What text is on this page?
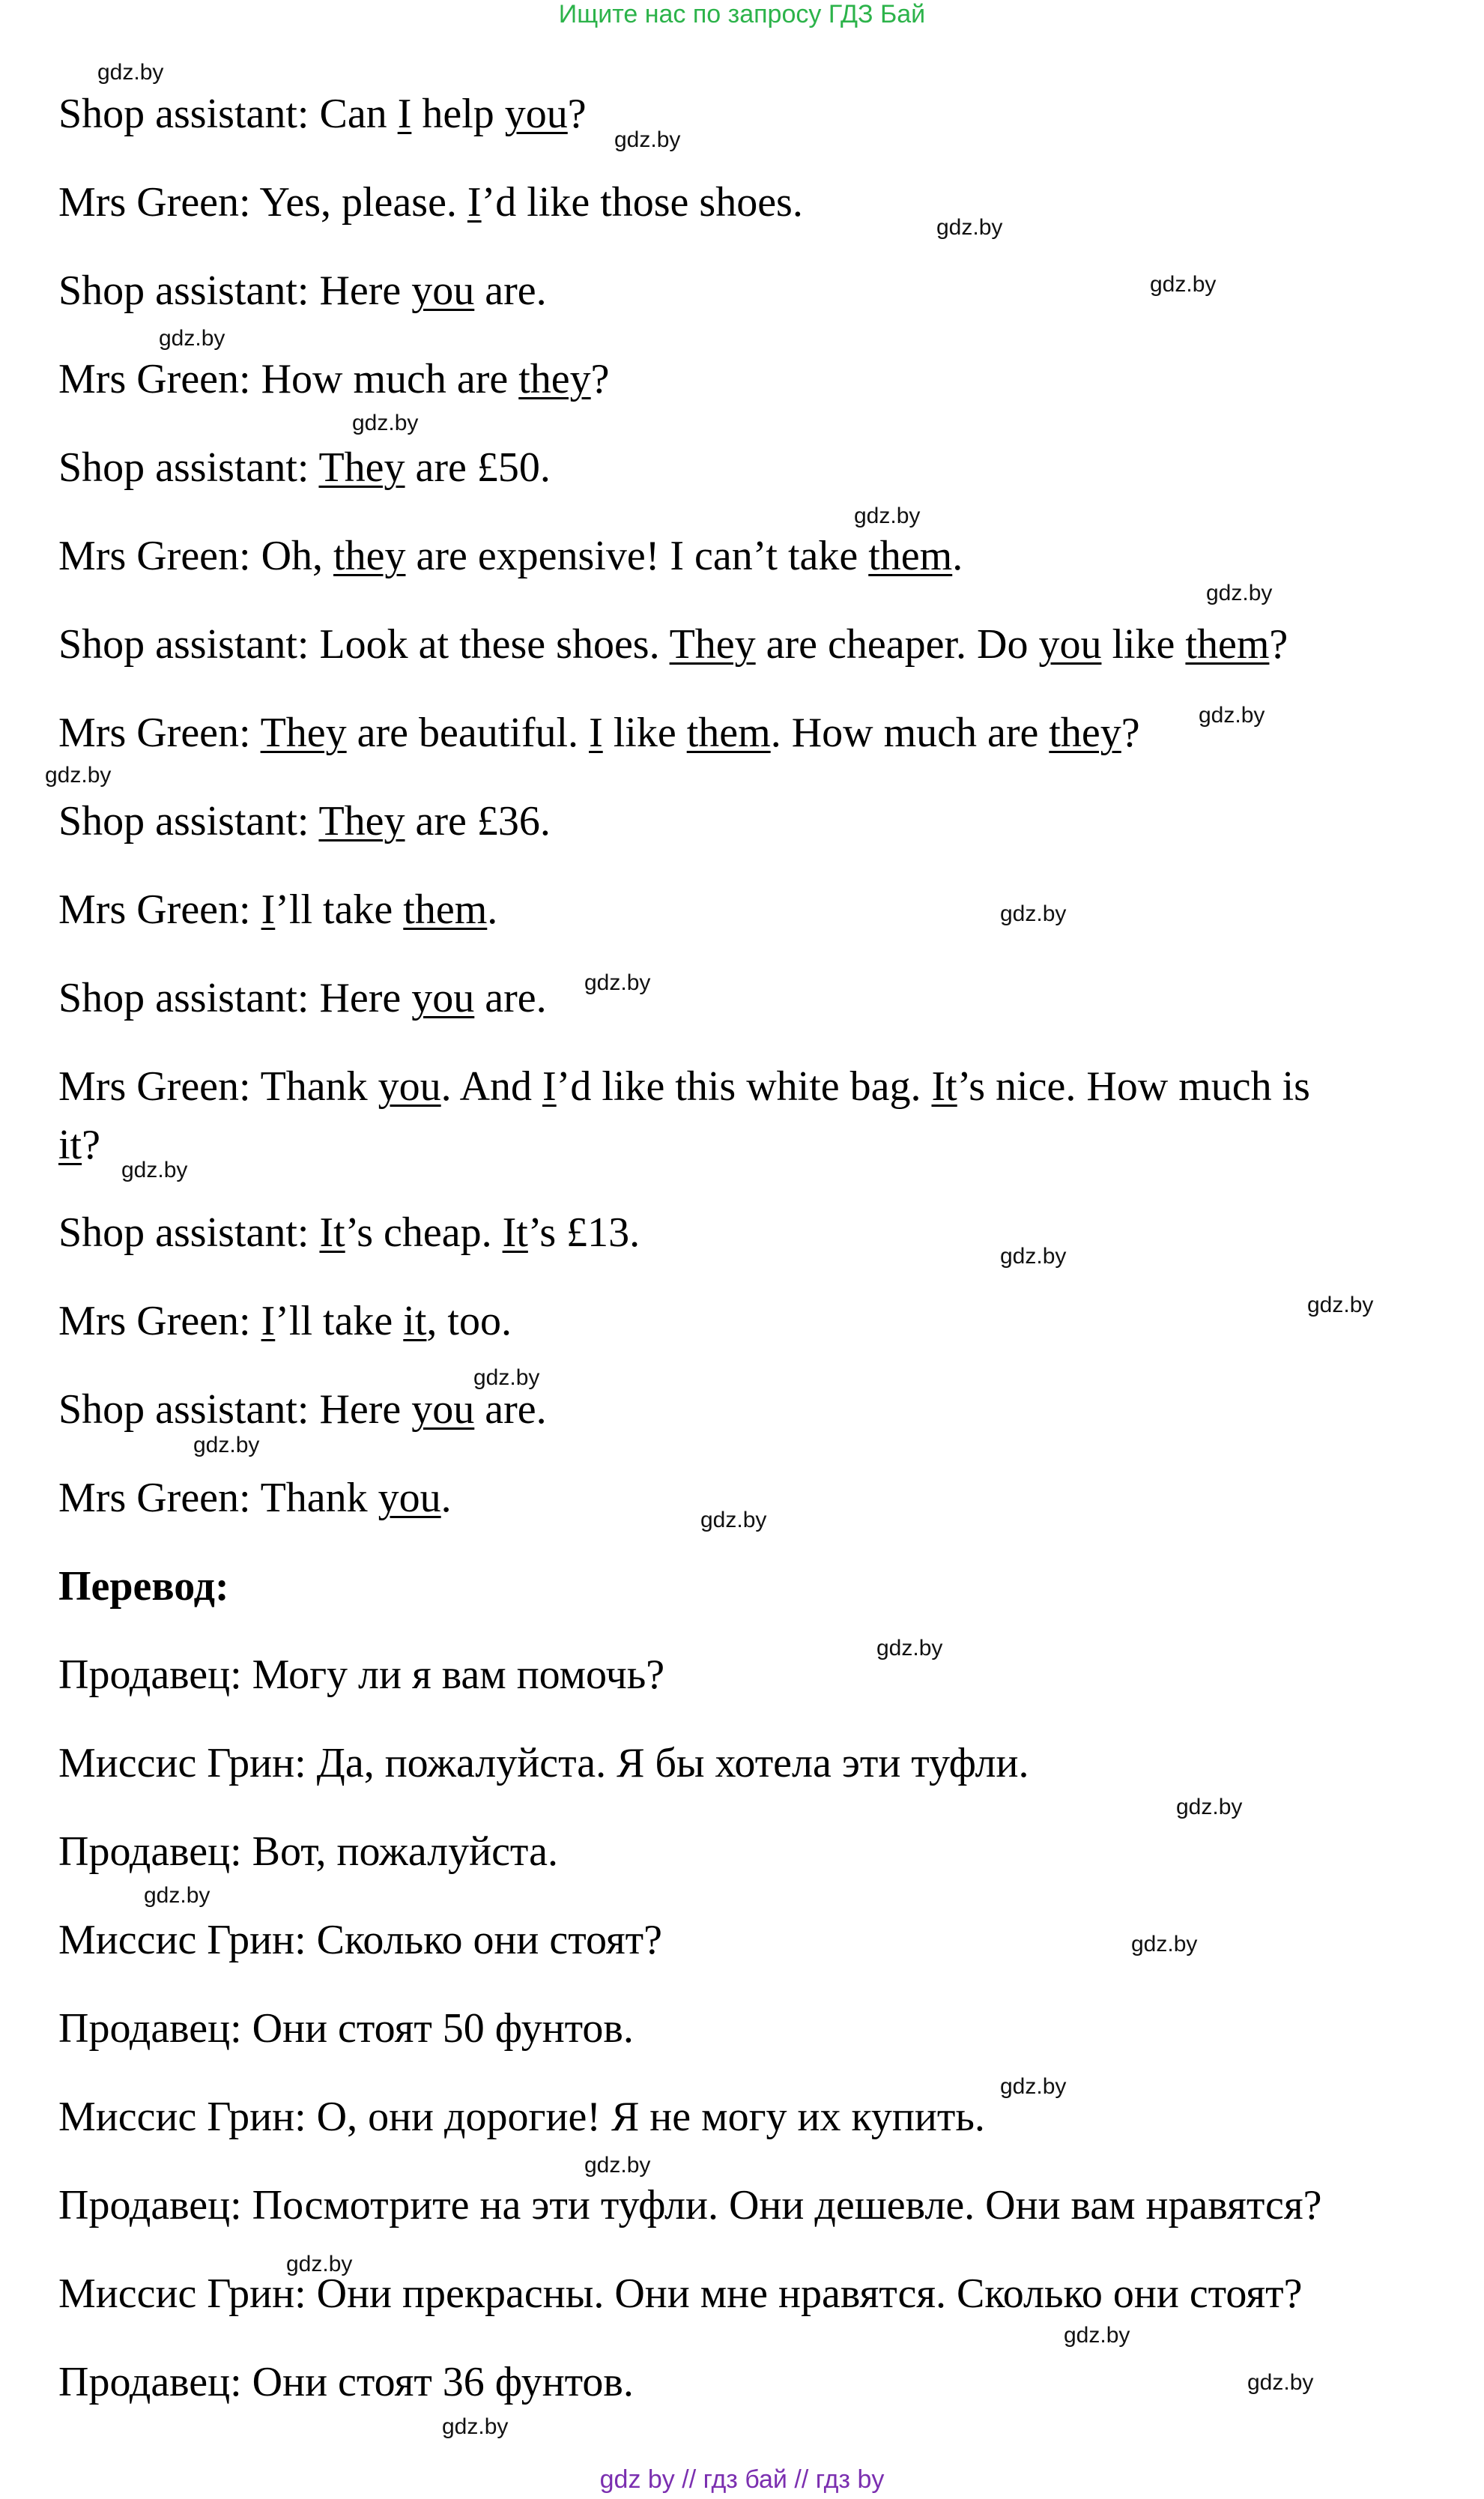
Ищите нас по запросу ГДЗ Бай
Shop assistant: Can I help you?
Mrs Green: Yes, please. I’d like those shoes.
Shop assistant: Here you are.
Mrs Green: How much are they?
Shop assistant: They are £50.
Mrs Green: Oh, they are expensive! I can’t take them.
Shop assistant: Look at these shoes. They are cheaper. Do you like them?
Mrs Green: They are beautiful. I like them. How much are they?
Shop assistant: They are £36.
Mrs Green: I’ll take them.
Shop assistant: Here you are.
Mrs Green: Thank you. And I’d like this white bag. It’s nice. How much is
it?
Shop assistant: It’s cheap. It’s £13.
Mrs Green: I’ll take it, too.
Shop assistant: Here you are.
Mrs Green: Thank you.
Перевод:
Продавец: Могу ли я вам помочь?
Миссис Грин: Да, пожалуйста. Я бы хотела эти туфли.
Продавец: Вот, пожалуйста.
Миссис Грин: Сколько они стоят?
Продавец: Они стоят 50 фунтов.
Миссис Грин: О, они дорогие! Я не могу их купить.
Продавец: Посмотрите на эти туфли. Они дешевле. Они вам нравятся?
Миссис Грин: Они прекрасны. Они мне нравятся. Сколько они стоят?
Продавец: Они стоят 36 фунтов.
gdz.by
gdz.by
gdz.by
gdz.by
gdz.by
gdz.by
gdz.by
gdz.by
gdz.by
gdz.by
gdz.by
gdz.by
gdz.by
gdz.by
gdz.by
gdz.by
gdz.by
gdz.by
gdz.by
gdz.by
gdz.by
gdz.by
gdz.by
gdz.by
gdz.by
gdz.by
gdz.by
gdz.by
gdz by // гдз бай // гдз by
